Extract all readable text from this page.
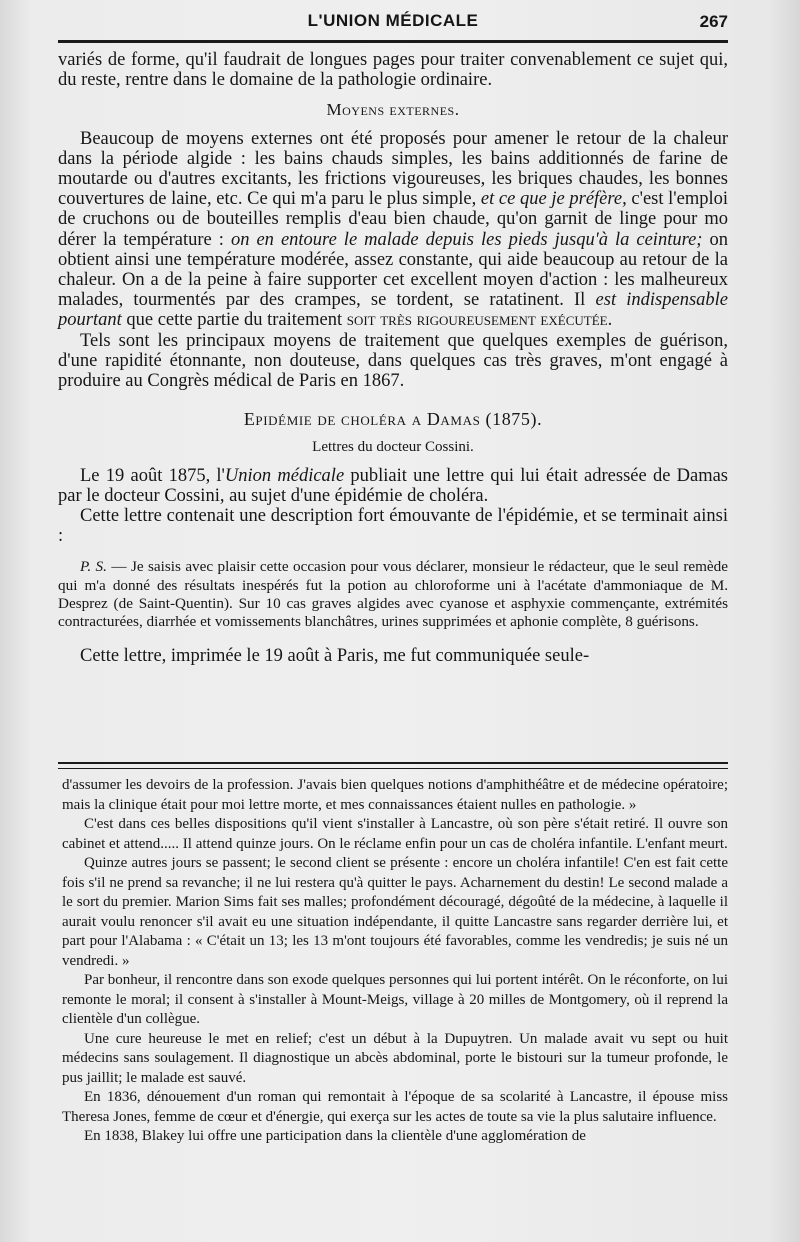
L'UNION MÉDICALE	267

variés de forme, qu'il faudrait de longues pages pour traiter convenablement ce sujet qui, du reste, rentre dans le domaine de la pathologie ordinaire.

Moyens externes.

Beaucoup de moyens externes ont été proposés pour amener le retour de la chaleur dans la période algide : les bains chauds simples, les bains additionnés de farine de moutarde ou d'autres excitants, les frictions vigoureuses, les briques chaudes, les bonnes couvertures de laine, etc. Ce qui m'a paru le plus simple, et ce que je préfère, c'est l'emploi de cruchons ou de bouteilles remplis d'eau bien chaude, qu'on garnit de linge pour mo dérer la température : on en entoure le malade depuis les pieds jusqu'à la ceinture; on obtient ainsi une température modérée, assez constante, qui aide beaucoup au retour de la chaleur. On a de la peine à faire supporter cet excellent moyen d'action : les malheureux malades, tourmentés par des crampes, se tordent, se ratatinent. Il est indispensable pourtant que cette partie du traitement soit très rigoureusement exécutée.

Tels sont les principaux moyens de traitement que quelques exemples de guérison, d'une rapidité étonnante, non douteuse, dans quelques cas très graves, m'ont engagé à produire au Congrès médical de Paris en 1867.

Epidémie de choléra a Damas (1875).

Lettres du docteur Cossini.

Le 19 août 1875, l'Union médicale publiait une lettre qui lui était adressée de Damas par le docteur Cossini, au sujet d'une épidémie de choléra.

Cette lettre contenait une description fort émouvante de l'épidémie, et se terminait ainsi :

P. S. — Je saisis avec plaisir cette occasion pour vous déclarer, monsieur le rédacteur, que le seul remède qui m'a donné des résultats inespérés fut la potion au chloroforme uni à l'acétate d'ammoniaque de M. Desprez (de Saint-Quentin). Sur 10 cas graves algides avec cyanose et asphyxie commençante, extrémités contracturées, diarrhée et vomissements blanchâtres, urines supprimées et aphonie complète, 8 guérisons.

Cette lettre, imprimée le 19 août à Paris, me fut communiquée seule-

d'assumer les devoirs de la profession. J'avais bien quelques notions d'amphithéâtre et de médecine opératoire; mais la clinique était pour moi lettre morte, et mes connaissances étaient nulles en pathologie. »

C'est dans ces belles dispositions qu'il vient s'installer à Lancastre, où son père s'était retiré. Il ouvre son cabinet et attend..... Il attend quinze jours. On le réclame enfin pour un cas de choléra infantile. L'enfant meurt.

Quinze autres jours se passent; le second client se présente : encore un choléra infantile! C'en est fait cette fois s'il ne prend sa revanche; il ne lui restera qu'à quitter le pays. Acharnement du destin! Le second malade a le sort du premier. Marion Sims fait ses malles; profondément découragé, dégoûté de la médecine, à laquelle il aurait voulu renoncer s'il avait eu une situation indépendante, il quitte Lancastre sans regarder derrière lui, et part pour l'Alabama : « C'était un 13; les 13 m'ont toujours été favorables, comme les vendredis; je suis né un vendredi. »

Par bonheur, il rencontre dans son exode quelques personnes qui lui portent intérêt. On le réconforte, on lui remonte le moral; il consent à s'installer à Mount-Meigs, village à 20 milles de Montgomery, où il reprend la clientèle d'un collègue.

Une cure heureuse le met en relief; c'est un début à la Dupuytren. Un malade avait vu sept ou huit médecins sans soulagement. Il diagnostique un abcès abdominal, porte le bistouri sur la tumeur profonde, le pus jaillit; le malade est sauvé.

En 1836, dénouement d'un roman qui remontait à l'époque de sa scolarité à Lancastre, il épouse miss Theresa Jones, femme de cœur et d'énergie, qui exerça sur les actes de toute sa vie la plus salutaire influence.

En 1838, Blakey lui offre une participation dans la clientèle d'une agglomération de
